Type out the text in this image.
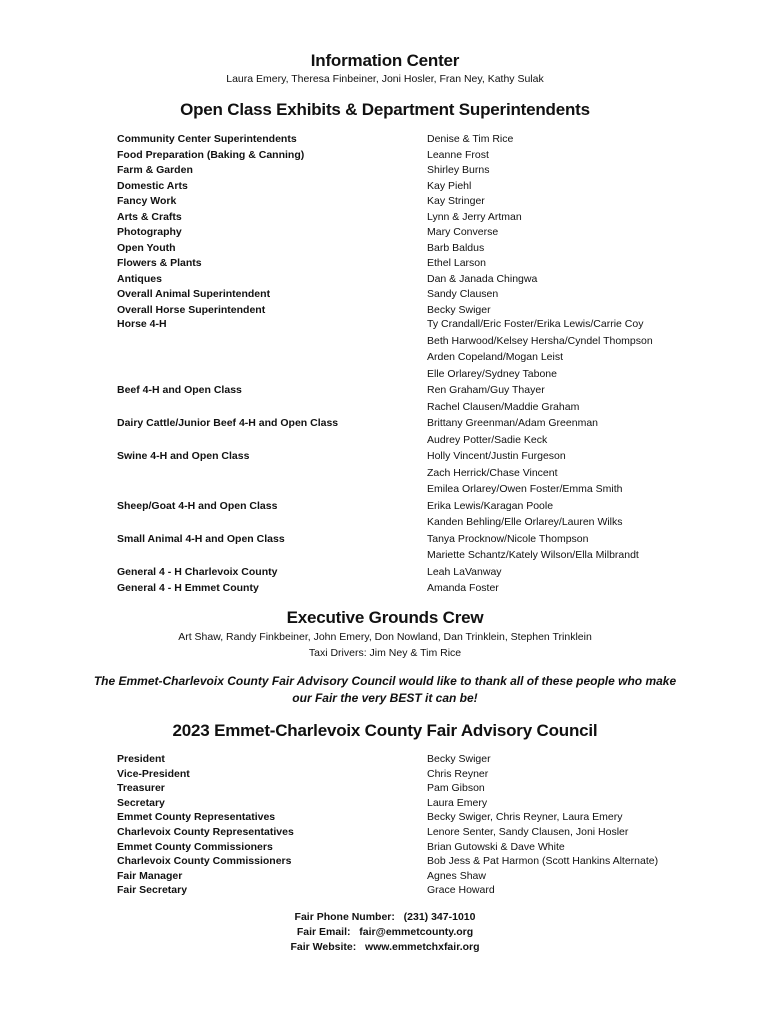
Information Center
Laura Emery, Theresa Finbeiner, Joni Hosler, Fran Ney, Kathy Sulak
Open Class Exhibits & Department Superintendents
Community Center Superintendents	Denise & Tim Rice
Food Preparation (Baking & Canning)	Leanne Frost
Farm & Garden	Shirley Burns
Domestic Arts	Kay Piehl
Fancy Work	Kay Stringer
Arts & Crafts	Lynn & Jerry Artman
Photography	Mary Converse
Open Youth	Barb Baldus
Flowers & Plants	Ethel Larson
Antiques	Dan & Janada Chingwa
Overall Animal Superintendent	Sandy Clausen
Overall Horse Superintendent	Becky Swiger
Horse 4-H	Ty Crandall/Eric Foster/Erika Lewis/Carrie Coy
Beth Harwood/Kelsey Hersha/Cyndel Thompson
Arden Copeland/Mogan Leist
Elle Orlarey/Sydney Tabone
Beef 4-H and Open Class	Ren Graham/Guy Thayer
Rachel Clausen/Maddie Graham
Dairy Cattle/Junior Beef 4-H and Open Class	Brittany Greenman/Adam Greenman
Audrey Potter/Sadie Keck
Swine 4-H and Open Class	Holly Vincent/Justin Furgeson
Zach Herrick/Chase Vincent
Emilea Orlarey/Owen Foster/Emma Smith
Sheep/Goat 4-H and Open Class	Erika Lewis/Karagan Poole
Kanden Behling/Elle Orlarey/Lauren Wilks
Small Animal 4-H and Open Class	Tanya Procknow/Nicole Thompson
Mariette Schantz/Kately Wilson/Ella Milbrandt
General 4 - H Charlevoix County	Leah LaVanway
General 4 - H Emmet County	Amanda Foster
Executive Grounds Crew
Art Shaw, Randy Finkbeiner, John Emery, Don Nowland, Dan Trinklein, Stephen Trinklein
Taxi Drivers: Jim Ney & Tim Rice
The Emmet-Charlevoix County Fair Advisory Council would like to thank all of these people who make
our Fair the very BEST it can be!
2023 Emmet-Charlevoix County Fair Advisory Council
President	Becky Swiger
Vice-President	Chris Reyner
Treasurer	Pam Gibson
Secretary	Laura Emery
Emmet County Representatives	Becky Swiger, Chris Reyner, Laura Emery
Charlevoix County Representatives	Lenore Senter, Sandy Clausen, Joni Hosler
Emmet County Commissioners	Brian Gutowski & Dave White
Charlevoix County Commissioners	Bob Jess & Pat Harmon (Scott Hankins Alternate)
Fair Manager	Agnes Shaw
Fair Secretary	Grace Howard
Fair Phone Number: (231) 347-1010
Fair Email: fair@emmetcounty.org
Fair Website: www.emmetchxfair.org
